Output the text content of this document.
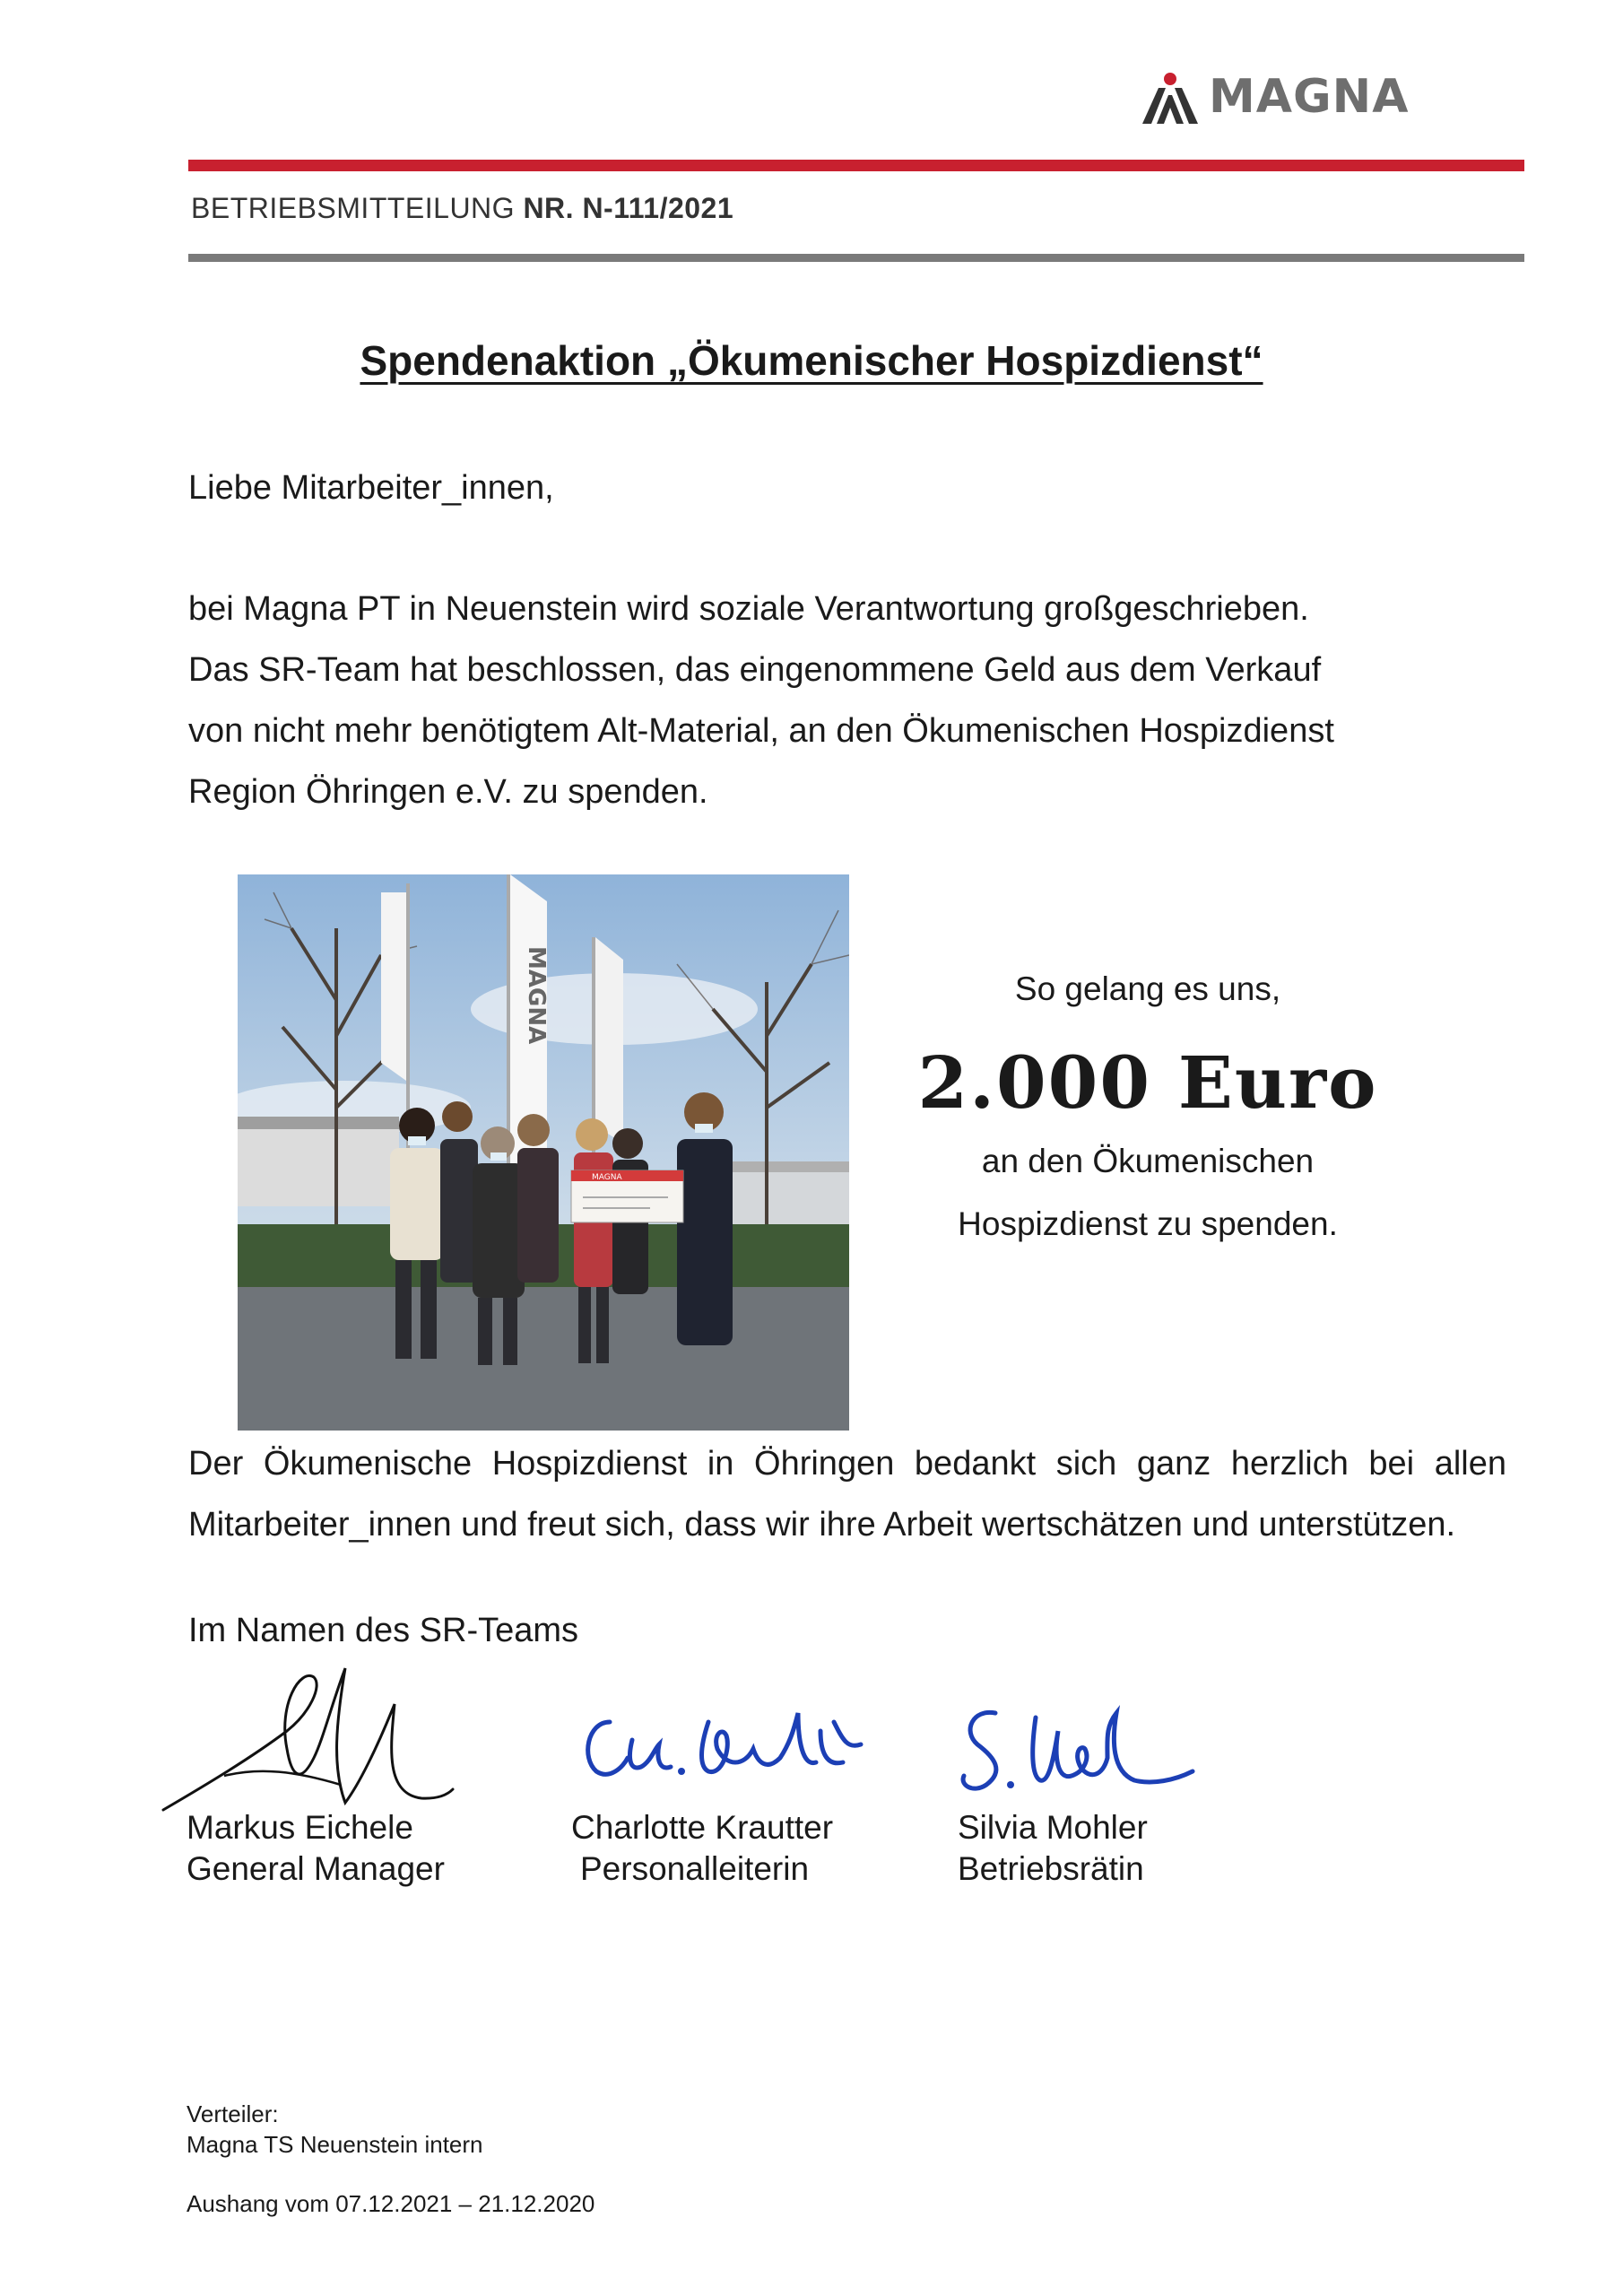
MAGNA
BETRIEBSMITTEILUNG NR. N-111/2021
Spendenaktion „Ökumenischer Hospizdienst“
Liebe Mitarbeiter_innen,
bei Magna PT in Neuenstein wird soziale Verantwortung großgeschrieben.
Das SR-Team hat beschlossen, das eingenommene Geld aus dem Verkauf
von nicht mehr benötigtem Alt-Material, an den Ökumenischen Hospizdienst
Region Öhringen e.V. zu spenden.
MAGNA
MAGNA
So gelang es uns,
2.000 Euro
an den Ökumenischen
Hospizdienst zu spenden.
Der Ökumenische Hospizdienst in Öhringen bedankt sich ganz herzlich bei allen
Mitarbeiter_innen und freut sich, dass wir ihre Arbeit wertschätzen und unterstützen.
Im Namen des SR-Teams
Markus Eichele
General Manager
Charlotte Krautter
Personalleiterin
Silvia Mohler
Betriebsrätin
Verteiler:
Magna TS Neuenstein intern
Aushang vom 07.12.2021 – 21.12.2020
